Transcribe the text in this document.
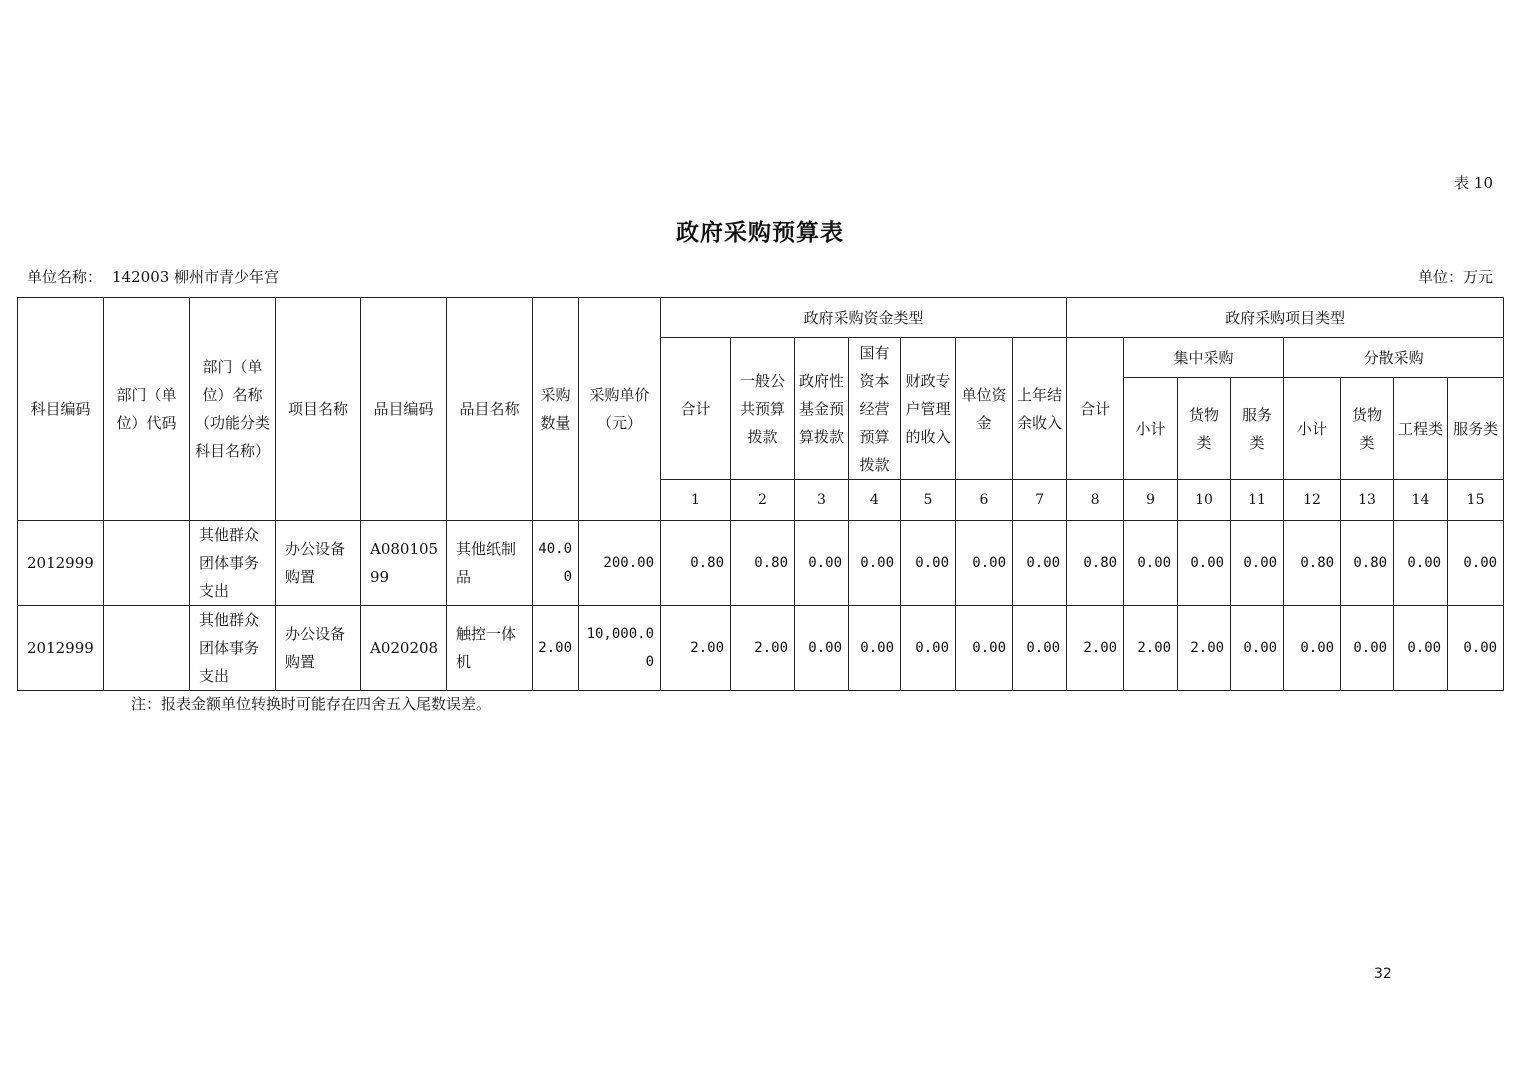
表 10
政府采购预算表
单位名称： 142003 柳州市青少年宫	单位：万元
科目编码	部门（单位）代码	部门（单位）名称（功能分类科目名称）	项目名称	品目编码	品目名称	采购数量	采购单价（元）	政府采购资金类型							政府采购项目类型							
								合计	一般公共预算拨款	政府性基金预算拨款	国有资本经营预算拨款	财政专户管理的收入	单位资金	上年结余收入	合计	集中采购			分散采购			
																小计	货物类	服务类	小计	货物类	工程类	服务类
								1	2	3	4	5	6	7	8	9	10	11	12	13	14	15
2012999		其他群众团体事务支出	办公设备购置	A08010599	其他纸制品	40.00	200.00	0.80	0.80	0.00	0.00	0.00	0.00	0.00	0.80	0.00	0.00	0.00	0.80	0.80	0.00	0.00
2012999		其他群众团体事务支出	办公设备购置	A020208	触控一体机	2.00	10,000.00	2.00	2.00	0.00	0.00	0.00	0.00	0.00	2.00	2.00	2.00	0.00	0.00	0.00	0.00	0.00
注：报表金额单位转换时可能存在四舍五入尾数误差。
32
